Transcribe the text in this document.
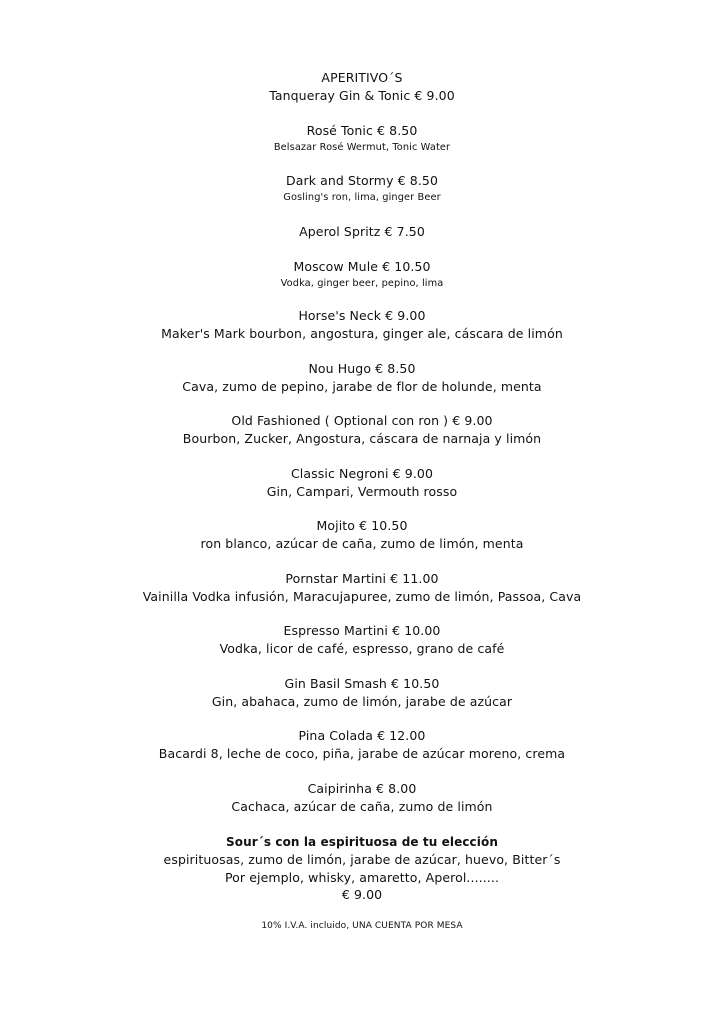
APERITIVO´S
Tanqueray Gin & Tonic € 9.00
Rosé Tonic € 8.50
Belsazar Rosé Wermut, Tonic Water
Dark and Stormy € 8.50
Gosling's ron, lima, ginger Beer
Aperol Spritz € 7.50
Moscow Mule € 10.50
Vodka, ginger beer, pepino, lima
Horse's Neck € 9.00
Maker's Mark bourbon, angostura, ginger ale, cáscara de limón
Nou Hugo € 8.50
Cava, zumo de pepino, jarabe de flor de holunde, menta
Old Fashioned ( Optional con ron ) € 9.00
Bourbon, Zucker, Angostura, cáscara de narnaja y limón
Classic Negroni € 9.00
Gin, Campari, Vermouth rosso
Mojito € 10.50
ron blanco, azúcar de caña, zumo de limón, menta
Pornstar Martini € 11.00
Vainilla Vodka infusión, Maracujapuree, zumo de limón, Passoa, Cava
Espresso Martini € 10.00
Vodka, licor de café, espresso, grano de café
Gin Basil Smash € 10.50
Gin, abahaca, zumo de limón, jarabe de azúcar
Pina Colada € 12.00
Bacardi 8, leche de coco, piña, jarabe de azúcar moreno, crema
Caipirinha € 8.00
Cachaca, azúcar de caña, zumo de limón
Sour´s con la espirituosa de tu elección
espirituosas, zumo de limón, jarabe de azúcar, huevo, Bitter´s
Por ejemplo, whisky, amaretto, Aperol........
€ 9.00
10% I.V.A. incluido, UNA CUENTA POR MESA
